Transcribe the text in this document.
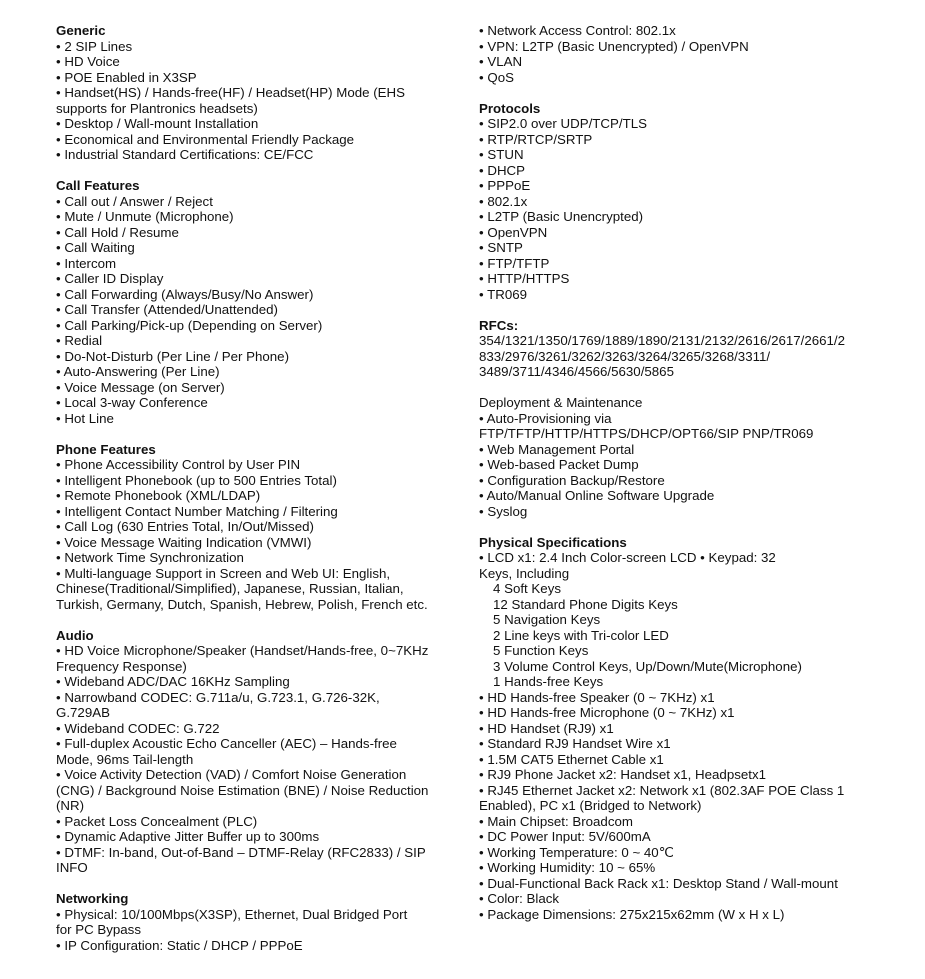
Generic
• 2 SIP Lines
• HD Voice
• POE Enabled in X3SP
• Handset(HS) / Hands-free(HF) / Headset(HP) Mode (EHS
supports for Plantronics headsets)
• Desktop / Wall-mount Installation
• Economical and Environmental Friendly Package
• Industrial Standard Certifications: CE/FCC
Call Features
• Call out / Answer / Reject
• Mute / Unmute (Microphone)
• Call Hold / Resume
• Call Waiting
• Intercom
• Caller ID Display
• Call Forwarding (Always/Busy/No Answer)
• Call Transfer (Attended/Unattended)
• Call Parking/Pick-up (Depending on Server)
• Redial
• Do-Not-Disturb (Per Line / Per Phone)
• Auto-Answering (Per Line)
• Voice Message (on Server)
• Local 3-way Conference
• Hot Line
Phone Features
• Phone Accessibility Control by User PIN
• Intelligent Phonebook (up to 500 Entries Total)
• Remote Phonebook (XML/LDAP)
• Intelligent Contact Number Matching / Filtering
• Call Log (630 Entries Total, In/Out/Missed)
• Voice Message Waiting Indication (VMWI)
• Network Time Synchronization
• Multi-language Support in Screen and Web UI: English,
Chinese(Traditional/Simplified), Japanese, Russian, Italian,
Turkish, Germany, Dutch, Spanish, Hebrew, Polish, French etc.
Audio
• HD Voice Microphone/Speaker (Handset/Hands-free, 0~7KHz
Frequency Response)
• Wideband ADC/DAC 16KHz Sampling
• Narrowband CODEC: G.711a/u, G.723.1, G.726-32K,
G.729AB
• Wideband CODEC: G.722
• Full-duplex Acoustic Echo Canceller (AEC) – Hands-free
Mode, 96ms Tail-length
• Voice Activity Detection (VAD) / Comfort Noise Generation
(CNG) / Background Noise Estimation (BNE) / Noise Reduction
(NR)
• Packet Loss Concealment (PLC)
• Dynamic Adaptive Jitter Buffer up to 300ms
• DTMF: In-band, Out-of-Band – DTMF-Relay (RFC2833) / SIP
INFO
Networking
• Physical: 10/100Mbps(X3SP), Ethernet, Dual Bridged Port
for PC Bypass
• IP Configuration: Static / DHCP / PPPoE
• Network Access Control: 802.1x
• VPN: L2TP (Basic Unencrypted) / OpenVPN
• VLAN
• QoS
Protocols
• SIP2.0 over UDP/TCP/TLS
• RTP/RTCP/SRTP
• STUN
• DHCP
• PPPoE
• 802.1x
• L2TP (Basic Unencrypted)
• OpenVPN
• SNTP
• FTP/TFTP
• HTTP/HTTPS
• TR069
RFCs:
354/1321/1350/1769/1889/1890/2131/2132/2616/2617/2661/2
833/2976/3261/3262/3263/3264/3265/3268/3311/
3489/3711/4346/4566/5630/5865
Deployment & Maintenance
• Auto-Provisioning via
FTP/TFTP/HTTP/HTTPS/DHCP/OPT66/SIP PNP/TR069
• Web Management Portal
• Web-based Packet Dump
• Configuration Backup/Restore
• Auto/Manual Online Software Upgrade
• Syslog
Physical Specifications
• LCD x1: 2.4 Inch Color-screen LCD • Keypad: 32
Keys, Including
4 Soft Keys
12 Standard Phone Digits Keys
5 Navigation Keys
2 Line keys with Tri-color LED
5 Function Keys
3 Volume Control Keys, Up/Down/Mute(Microphone)
1 Hands-free Keys
• HD Hands-free Speaker (0 ~ 7KHz) x1
• HD Hands-free Microphone (0 ~ 7KHz) x1
• HD Handset (RJ9) x1
• Standard RJ9 Handset Wire x1
• 1.5M CAT5 Ethernet Cable x1
• RJ9 Phone Jacket x2: Handset x1, Headpsetx1
• RJ45 Ethernet Jacket x2: Network x1 (802.3AF POE Class 1
Enabled), PC x1 (Bridged to Network)
• Main Chipset: Broadcom
• DC Power Input: 5V/600mA
• Working Temperature: 0 ~ 40℃
• Working Humidity: 10 ~ 65%
• Dual-Functional Back Rack x1: Desktop Stand / Wall-mount
• Color: Black
• Package Dimensions: 275x215x62mm (W x H x L)
